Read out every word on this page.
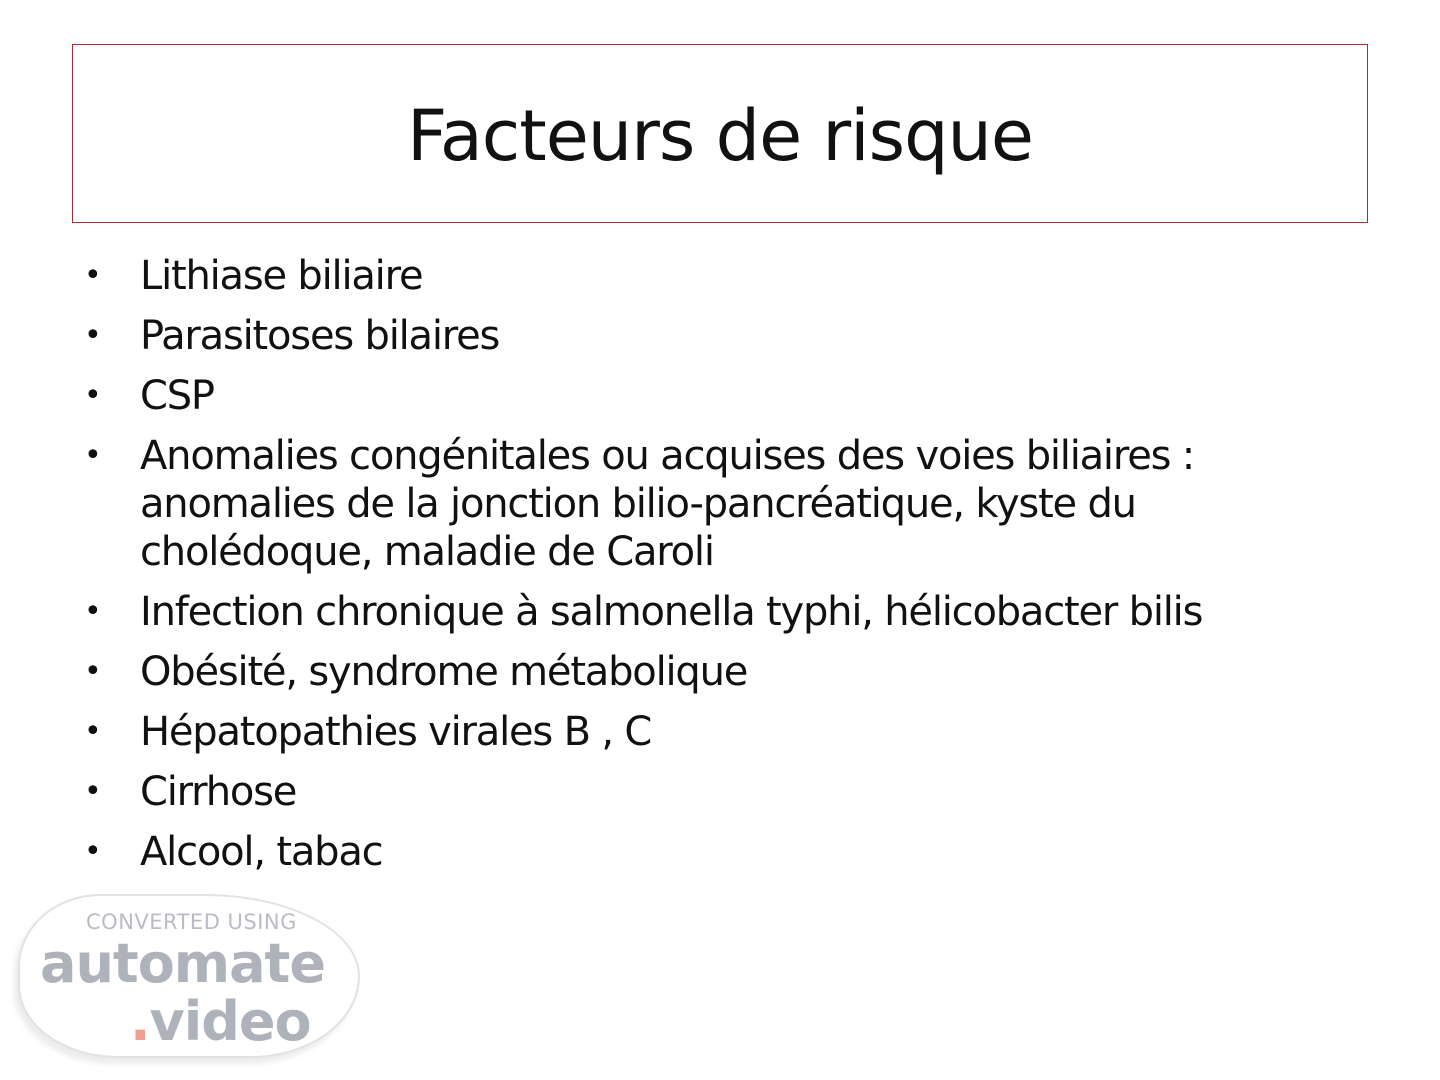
Facteurs de risque
• Lithiase biliaire
• Parasitoses bilaires
• CSP
• Anomalies congénitales ou acquises des voies biliaires : anomalies de la jonction bilio-pancréatique, kyste du cholédoque, maladie de Caroli
• Infection chronique à salmonella typhi, hélicobacter bilis
• Obésité, syndrome métabolique
• Hépatopathies virales B , C
• Cirrhose
• Alcool, tabac
CONVERTED USING
automate
.video
